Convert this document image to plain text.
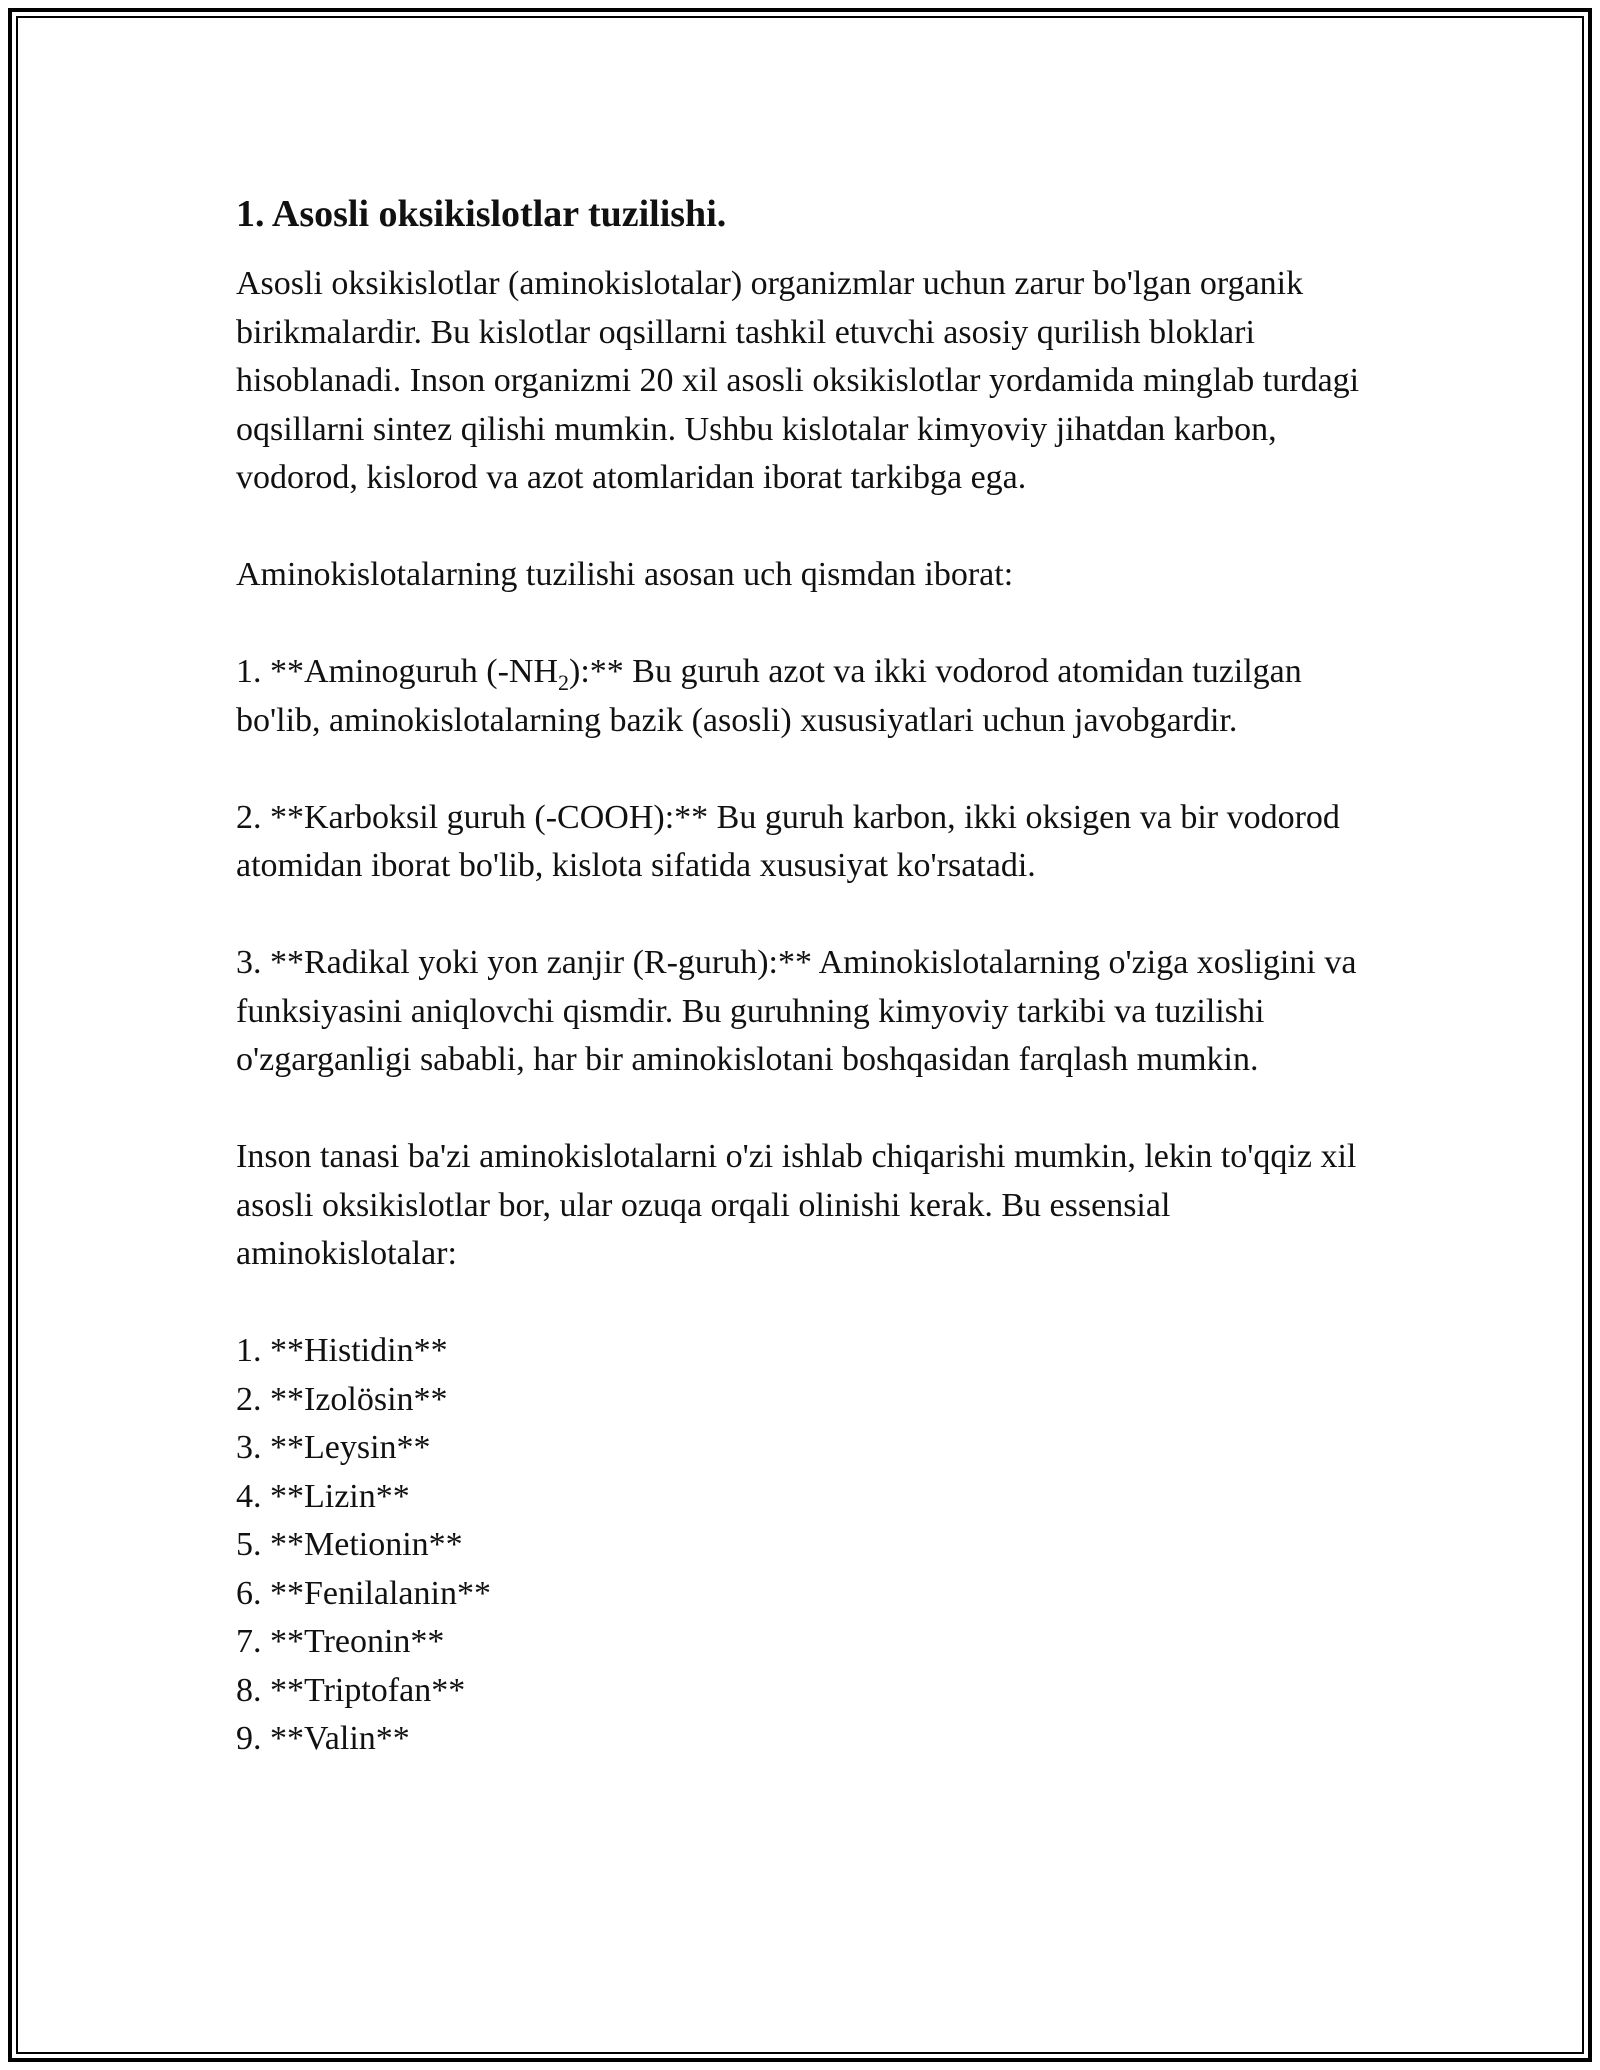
1. Asosli oksikislotlar tuzilishi.

Asosli oksikislotlar (aminokislotalar) organizmlar uchun zarur bo'lgan organik birikmalardir. Bu kislotlar oqsillarni tashkil etuvchi asosiy qurilish bloklari hisoblanadi. Inson organizmi 20 xil asosli oksikislotlar yordamida minglab turdagi oqsillarni sintez qilishi mumkin. Ushbu kislotalar kimyoviy jihatdan karbon, vodorod, kislorod va azot atomlaridan iborat tarkibga ega.

Aminokislotalarning tuzilishi asosan uch qismdan iborat:

1. **Aminoguruh $(-NH_2):**$ Bu guruh azot va ikki vodorod atomidan tuzilgan bo'lib, aminokislotalarning bazik (asosli) xususiyatlari uchun javobgardir.

2. **Karboksil guruh (-COOH):** Bu guruh karbon, ikki oksigen va bir vodorod atomidan iborat bo'lib, kislota sifatida xususiyat ko'rsatadi.

3. **Radikal yoki yon zanjir (R-guruh):** Aminokislotalarning o'ziga xosligini va funksiyasini aniqlovchi qismdir. Bu guruhning kimyoviy tarkibi va tuzilishi o'zgarganligi sababli, har bir aminokislotani boshqasidan farqlash mumkin.

Inson tanasi ba'zi aminokislotalarni o'zi ishlab chiqarishi mumkin, lekin to'qqiz xil asosli oksikislotlar bor, ular ozuqa orqali olinishi kerak. Bu essensial aminokislotalar:

1. **Histidin**

2. **Izolösin**

3. **Leysin**

4. **Lizin**

5. **Metionin**

6. **Fenilalanin**

7. **Treonin**

8. **Triptofan**

9. **Valin**
